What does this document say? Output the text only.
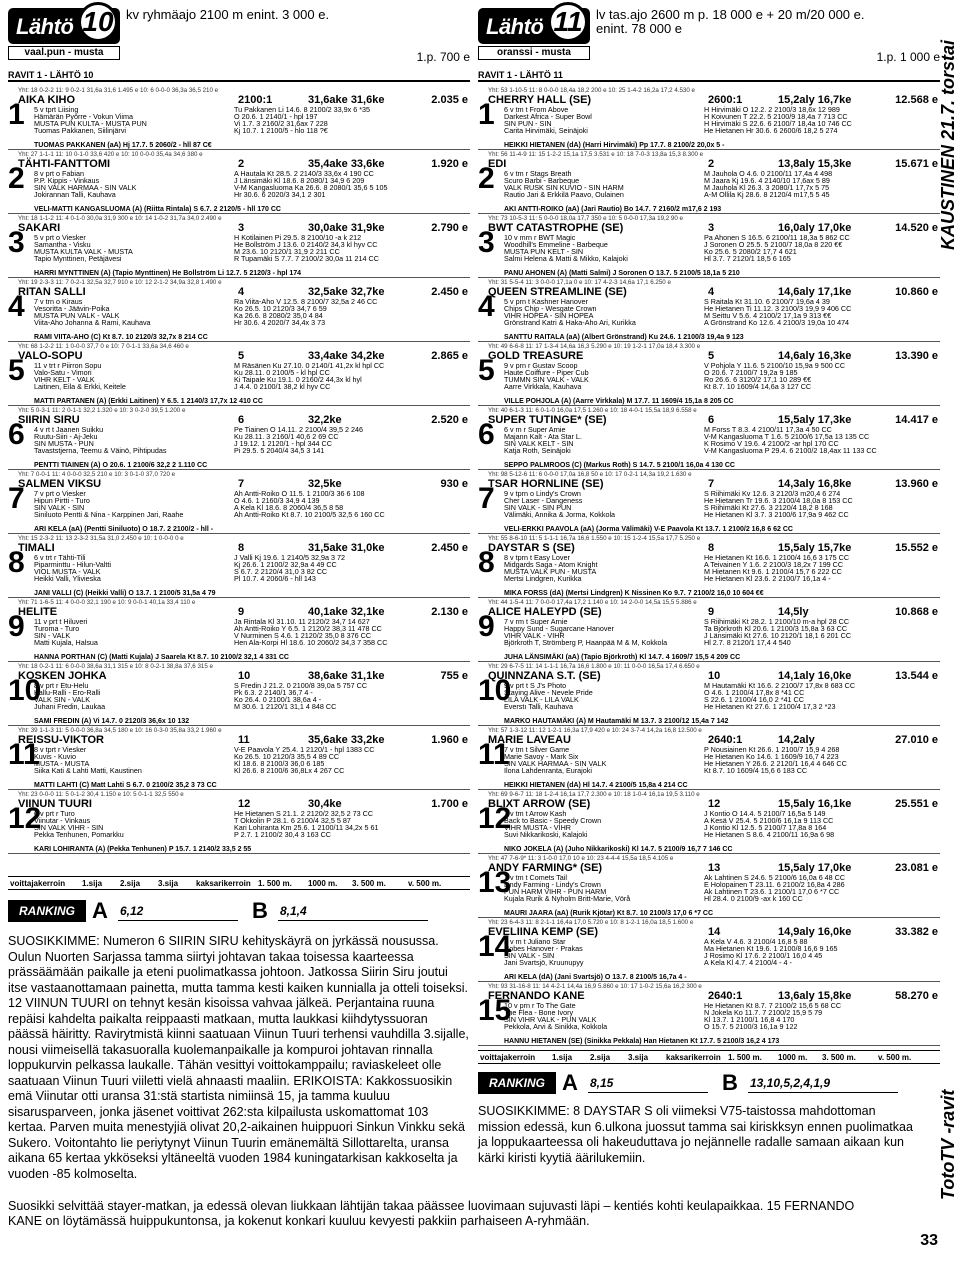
Lähtö 10
vaal.pun - musta
kv ryhmäajo 2100 m enint. 3 000 e.
1.p. 700 e
RAVIT 1 - LÄHTÖ 10
1
Yht: 18 0-2-2 11: 9 0-2-1 31,6a 31,6 1.495 e 10: 6 0-0-0 36,3a 36,5 210 e
AIKA KIHO	2100:1	31,6ake 31,6ke	2.035 e
5 v tprt Liising	Tu Pakkanen Li 14.6. 8 2100/2 33,9x 6 *35
Hämärän Pyörre - Vokun Viima	O 20.6. 1 2140/1 - hpl 197
MUSTA PUN KULTA - MUSTA PUN	Vi 1.7. 3 2160/2 31,6ax 7 228
Tuomas Pakkanen, Siilinjärvi	Kj 10.7. 1 2100/5 - hlo 118 ?€
TUOMAS PAKKANEN (aA) Hj 17.7. 5 2060/2 - hll 87 C€
2
Yht: 27 1-1-1 11: 10 0-1-0 33,6 420 e 10: 10 0-0-0 35,4a 34,6 380 e
TÄHTI-FANTTOMI	2	35,4ake 33,6ke	1.920 e
8 v prt o Fabian	A Hautala Kt 28.5. 2 2140/3 33,6x 4 190 CC
P.P. Kippis - Vinkaus	J Länsimäki Kl 18.6. 8 2080/1 34,9 6 209
SIN VALK HARMAA - SIN VALK	V-M Kangasluoma Ka 26.6. 8 2080/1 35,6 5 105
Jokirannan Talli, Kauhava	Hr 30.6. 6 2020/3 34,1 2 301
VELI-MATTI KANGASLUOMA (A) (Riitta Rintala) S 6.7. 2 2120/5 - hll 170 CC
3
Yht: 18 1-1-2 11: 4 0-1-0 30,0a 31,9 300 e 10: 14 1-0-2 31,7a 34,0 2.490 e
SAKARI	3	30,0ake 31,9ke	2.790 e
5 v prt o Viesker	H Kotilainen Pi 29.5. 8 2100/10 -a k 212
Samantha - Visku	He Bollström J 13.6. 0 2140/2 34,3 kl hyv CC
MUSTA KULTA VALK - MUSTA	M 23.6. 10 2120/1 31,9 2 211 CC
Tapio Mynttinen, Petäjävesi	R Tupamäki S 7.7. 7 2100/2 30,0a 11 214 CC
HARRI MYNTTINEN (A) (Tapio Mynttinen) He Bollström Li 12.7. 5 2120/3 - hpl 174
4
Yht: 19 2-3-3 11: 7 0-2-1 32,5a 32,7 910 e 10: 12 2-1-2 34,9a 32,8 1.490 e
RITAN SALLI	4	32,5ake 32,7ke	2.450 e
7 v trn o Kiraus	Ra Viita-Aho V 12.5. 8 2100/7 32,5a 2 46 CC
Vesoritta - Jäävin-Poika	Ko 26.5. 10 2120/3 34,7 6 59
MUSTA PUN VALK - VALK	Ka 26.6. 8 2080/2 35,0 4 84
Viita-Aho Johanna & Rami, Kauhava	Hr 30.6. 4 2020/7 34,4x 3 73
RAMI VIITA-AHO (C) Kt 8.7. 10 2120/3 32,7x 8 214 CC
5
Yht: 68 1-2-2 11: 1 0-0-0 37,7 0 e 10: 7 0-1-1 33,6a 34,6 460 e
VALO-SOPU	5	33,4ake 34,2ke	2.865 e
11 v trt r Piirron Sopu	M Räsänen Ku 27.10. 0 2140/1 41,2x kl hpl CC
Valo-Satu - Vimori	Ku 28.11. 0 2100/5 - kl hpl CC
VIHR KELT - VALK	Ki Taipale Ku 19.1. 0 2160/2 44,3x kl hyl
Laitinen, Eila & Erkki, Keitele	J 4.4. 0 2100/1 38,2 kl hyv CC
MATTI PARTANEN (A) (Erkki Laitinen) Y 6.5. 1 2140/3 17,7x 12 410 CC
6
Yht: 5 0-3-1 11: 2 0-1-1 32,2 1.320 e 10: 3 0-2-0 39,5 1.200 e
SIIRIN SIRU	6	32,2ke	2.520 e
4 v rt t Jaanen Suikku	Pe Tiainen O 14.11. 2 2100/4 39,5 2 246
Ruutu-Siiri - Aj-Jeku	Ku 28.11. 3 2160/1 40,6 2 69 CC
SIN MUSTA - PUN	J 19.12. 1 2120/1 - hpl 344 CC
Tavaststjerna, Teemu & Väinö, Pihtipudas	Pi 29.5. 5 2040/4 34,5 3 141
PENTTI TIAINEN (A) O 20.6. 1 2100/6 32,2 2 1.110 CC
7
Yht: 7 0-0-1 11: 4 0-0-0 32,5 210 e 10: 3 0-1-0 37,0 720 e
SALMEN VIKSU	7	32,5ke	930 e
7 v prt o Viesker	Ah Antti-Roiko O 11.5. 1 2100/3 36 6 108
Hipun Pirtti - Turo	O 4.6. 1 2160/3 34,9 4 139
SIN VALK - SIN	A Kela Kl 18.6. 8 2060/4 36,5 8 58
Siniluoto Pentti & Nina - Karppinen Jari, Raahe	Ah Antti-Roiko Kt 8.7. 10 2100/5 32,5 6 160 CC
ARI KELA (aA) (Pentti Siniluoto) O 18.7. 2 2100/2 - hll -
8
Yht: 15 2-3-2 11: 13 2-3-2 31,5a 31,0 2.450 e 10: 1 0-0-0 0 e
TIMALI	8	31,5ake 31,0ke	2.450 e
6 v trt r Tähti-Tili	J Valli Kj 19.6. 1 2140/5 32,9a 3 72
Piparminttu - Hilun-Valtti	Kj 26.6. 1 2100/2 32,9a 4 49 CC
VIOL MUSTA - VALK	S 6.7. 2 2120/4 31,0 3 82 CC
Heikki Valli, Ylivieska	Pl 10.7. 4 2060/6 - hll 143
JANI VALLI (C) (Heikki Valli) O 13.7. 1 2100/5 31,5a 4 79
9
Yht: 71 1-6-5 11: 4 0-0-0 32,1 190 e 10: 9 0-0-1 40,1a 33,4 110 e
HELITE	9	40,1ake 32,1ke	2.130 e
11 v prt t Hiluveri	Ja Rintala Kl 31.10. 11 2120/2 34,7 14 627
Turoma - Turo	Ah Antti-Roiko Y 6.5. 1 2120/2 38,3 11 478 CC
SIN - VALK	V Nurminen S 4.6. 1 2120/2 35,0 8 376 CC
Matti Kujala, Halsua	Hen Ala-Korpi Hl 18.6. 10 2060/2 34,3 7 358 CC
HANNA PORTHAN (C) (Matti Kujala) J Saarela Kt 8.7. 10 2100/2 32,1 4 331 CC
10
Yht: 18 0-2-1 11: 6 0-0-0 38,6a 31,1 315 e 10: 8 0-2-1 38,8a 37,6 315 e
KOSKEN JOHKA	10	38,6ake 31,1ke	755 e
8 v prt r Etu-Helu	S Fredin J 21.2. 0 2100/8 39,0a 5 757 CC
Kallu-Ralli - Ero-Ralli	Pk 6.3. 2 2140/1 36,7 4 -
VALK SIN - VALK	Ko 26.4. 0 2100/1 38,6a 4 -
Juhani Fredin, Laukaa	M 30.6. 1 2120/1 31,1 4 848 CC
SAMI FREDIN (A) Vi 14.7. 0 2120/3 36,6x 10 132
11
Yht: 39 1-1-3 11: 5 0-0-0 36,8a 34,5 180 e 10: 16 0-3-0 35,8a 33,2 1.960 e
REISSU-VIKTOR	11	35,6ake 33,2ke	1.960 e
8 v tprt r Viesker	V-E Paavola Y 25.4. 1 2120/1 - hpl 1383 CC
Kuvis - Kuvio	Ko 26.5. 10 2120/3 35,5 4 89 CC
MUSTA - MUSTA	Kl 18.6. 8 2100/3 36,0 6 185
Siika Kati & Lahti Matti, Kaustinen	Kl 26.6. 8 2100/6 36,8Lx 4 267 CC
MATTI LAHTI (C) Matt Lahti S 6.7. 0 2100/2 35,2 3 73 CC
12
Yht: 23 0-0-0 11: 5 0-1-2 30,4 1.150 e 10: 5 0-1-1 32,5 550 e
VIINUN TUURI	12	30,4ke	1.700 e
6 v prt r Turo	He Hietanen S 21.1. 2 2120/2 32,5 2 73 CC
Viinutar - Vinkaus	T Okkolin P 28.1. 6 2100/4 32,5 5 87
SIN VALK VIHR - SIN	Kari Lohiranta Km 25.6. 1 2100/11 34,2x 5 61
Pekka Tenhunen, Pomarkku	P 2.7. 1 2100/2 30,4 3 163 CC
KARI LOHIRANTA (A) (Pekka Tenhunen) P 15.7. 1 2140/2 33,5 2 55
voittajakerroin 1.sija 2.sija 3.sija kaksarikerroin 1. 500 m. 1000 m. 3. 500 m.	v. 500 m.
RANKING A 6,12	B 8,1,4
SUOSIKKIMME: Numeron 6 SIIRIN SIRU kehityskäyrä on jyrkässä nousussa. Oulun Nuorten Sarjassa tamma siirtyi johtavan takaa toisessa kaarteessa prässäämään paikalle ja eteni puolimatkassa johtoon. Jatkossa Siirin Siru joutui itse vastaanottamaan painetta, mutta tamma kesti kaiken kunnialla ja otteli toiseksi. 12 VIINUN TUURI on tehnyt kesän kisoissa vahvaa jälkeä. Perjantaina ruuna repäisi kahdelta paikalta reippaasti matkaan, mutta laukkasi kiihdytyssuoran päässä häiritty. Ravirytmistä kiinni saatuaan Viinun Tuuri terhensi vauhdilla 3.sijalle, nousi viimeisellä takasuoralla kuolemanpaikalle ja kompuroi johtavan rinnalla loppukurvin pelkassa laukalle. Tähän vesittyi voittokamppailu; raviaskeleet olle saatuaan Viinun Tuuri viiletti vielä ahnaasti maaliin. ERIKOISTA: Kakkossuosikin emä Viinutar otti uransa 31:stä startista nimiinsä 15, ja tamma kuuluu sisarusparveen, jonka jäsenet voittivat 262:sta kilpailusta uskomattomat 103 kertaa. Parven muita menestyjiä olivat 20,2-aikainen huippuori Sinkun Vinkku sekä Sukero. Voitontahto lie periytynyt Viinun Tuurin emänemältä Sillottarelta, uransa aikana 65 kertaa ykköseksi yltäneeltä vuoden 1984 kuningatarkisan kakkoselta ja vuoden -85 kolmoselta.
Lähtö 11
oranssi - musta
lv tas.ajo 2600 m p. 18 000 e + 20 m/20 000 e. enint. 78 000 e
1.p. 1 000 e
RAVIT 1 - LÄHTÖ 11
1
Yht: 53 1-10-5 11: 8 0-0-0 18,4a 18,2 200 e 10: 25 1-4-2 16,2a 17,2 4.530 e
CHERRY HALL (SE)	2600:1	15,2aly 16,7ke	12.568 e
6 v tm t From Above	H Hirvimäki O 12.2. 2 2100/3 18,6x 12 989
Darkest Africa - Super Bowl	H Koivunen T 22.2. 5 2100/9 18,4a 7 713 CC
SIN PUN - SIN	H Hirvimäki S 22.6. 6 2100/7 18,4a 10 746 CC
Carita Hirvimäki, Seinäjoki	He Hietanen Hr 30.6. 6 2600/6 18,2 5 274
HEIKKI HIETANEN (dA) (Harri Hirvimäki) Pp 17.7. 8 2100/2 20,0x 5 -
2
Yht: 56 11-4-9 11: 15 1-2-2 15,1a 17,5 3.531 e 10: 18 7-0-3 13,8a 15,3 8.300 e
EDI	2	13,8aly 15,3ke	15.671 e
6 v tm r Stags Breath	M Jauhola O 4.6. 0 2100/11 17,4a 4 498
Scuro Barbi - Barbeque	M Jaara Kj 19.6. 4 2140/10 17,6ax 5 89
VALK RUSK SIN KUVIO - SIN HARM	M Jauhola Kl 26.3. 3 2080/1 17,7x 5 75
Rautio Jari & Erkkilä Paavo, Oulainen	A-M Ollila Kj 28.6. 8 2120/4 m17,5 5 45
AKI ANTTI-ROIKO (aA) (Jari Rautio) Bo 14.7. 7 2160/2 m17,6 2 193
3
Yht: 73 10-5-3 11: 5 0-0-0 18,0a 17,7 350 e 10: 5 0-0-0 17,3a 19,2 90 e
BWT CATASTROPHE (SE)	3	16,0aly 17,0ke	14.520 e
10 v mrn r BWT Magic	Pa Ahonen S 16.5. 6 2100/11 18,3a 5 862 CC
Woodhill's Emmeline - Barbeque	J Soronen O 25.5. 5 2100/7 18,0a 8 220 €€
MUSTA PUN KELT - SIN	Ko 25.6. 5 2080/2 17,7 4 621
Salmi Helena & Matti & Mikko, Kalajoki	Hl 3.7. 7 2120/1 18,5 6 165
PANU AHONEN (A) (Matti Salmi) J Soronen O 13.7. 5 2100/5 18,1a 5 210
4
Yht: 31 5-5-4 11: 3 0-0-0 17,1a 0 e 10: 17 4-2-3 14,6a 17,1 6.250 e
QUEEN STREAMLINE (SE)	4	14,6aly 17,1ke	10.860 e
5 v prn t Kashner Hanover	S Raitala Kt 31.10. 6 2100/7 19,6a 4 39
Chips Chip - Wesgate Crown	He Hietanen Ti 11.12. 3 2100/3 19,9 9 406 CC
VIHR HOPEA - SIN HOPEA	M Seittu V 5.6. 4 2100/2 17,1a 9 313 €€
Grönstrand Katri & Haka-Aho Ari, Kurikka	A Grönstrand Ko 12.6. 4 2100/3 19,0a 10 474
SANTTU RAITALA (aA) (Albert Grönstrand) Ku 24.6. 1 2100/3 19,4a 9 123
5
Yht: 49 6-6-8 11: 17 1-3-4 14,6a 16,3 5.290 e 10: 19 1-2-1 17,0a 18,4 3.300 e
GOLD TREASURE	5	14,6aly 16,3ke	13.390 e
9 v prn r Gustav Scoop	V Pohjola Y 11.6. 5 2100/10 15,9a 9 500 CC
Haute Coiffure - Piper Cub	O 20.6. 7 2100/7 19,2a 9 185
TUMMN SIN VALK - VALK	Ro 26.6. 6 3120/2 17,1 10 289 €€
Aarre Virkkala, Kauhava	Kt 8.7. 10 1609/4 14,6a 3 127 CC
VILLE POHJOLA (A) (Aarre Virkkala) M 17.7. 11 1609/4 15,1a 8 205 CC
6
Yht: 40 6-1-3 11: 6 0-1-0 16,0a 17,5 1.260 e 10: 18 4-0-1 15,5a 18,9 6.558 e
SUPER TUTINGE* (SE)	6	15,5aly 17,3ke	14.417 e
6 v m r Super Arnie	M Forss T 8.3. 4 2100/11 17,3a 4 50 CC
Majann Kalt - Ata Star L.	V-M Kangasluoma T 1.6. 5 2100/6 17,5a 13 135 CC
SIN VALK KELT - SIN	K Rosimo V 19.6. 4 2100/2 -ar hpl 170 CC
Katja Roth, Seinäjoki	V-M Kangasluoma P 29.4. 6 2100/2 18,4ax 11 133 CC
SEPPO PALMROOS (C) (Markus Roth) S 14.7. 5 2100/1 16,0a 4 130 CC
7
Yht: 98 5-12-6 11: 6 0-0-0 17,0a 16,8 50 e 10: 17 0-2-1 14,3a 19,2 1.630 e
TSAR HORNLINE (SE)	7	14,3aly 16,8ke	13.960 e
9 v tprn o Lindy's Crown	S Riihimäki Kv 12.6. 3 2120/3 m20,4 6 274
Cher Laser - Dangeness	He Hietanen Tr 19.6. 3 2100/4 18,0a 8 153 CC
SIN VALK - SIN PUN	S Riihimäki Kt 27.6. 3 2120/4 18,2 8 168
Välimäki, Annika & Jorma, Kokkola	He Hietanen Kl 3.7. 3 2100/6 17,9a 9 462 CC
VELI-ERKKI PAAVOLA (aA) (Jorma Välimäki) V-E Paavola Kt 13.7. 1 2100/2 16,8 6 62 CC
8
Yht: 55 8-6-10 11: 5 1-1-1 16,7a 16,6 1.550 e 10: 15 1-2-4 15,5a 17,7 5.250 e
DAYSTAR S (SE)	8	15,5aly 15,7ke	15.552 e
8 v tprn t Easy Lover	He Hietanen Kt 16.6. 1 2100/4 16,6 3 175 CC
Midgards Saga - Atom Knight	A Teivainen Y 1.6. 2 2100/3 18,2x 7 199 CC
MUSTA VALK PUN - MUSTA	M Hietanen Kt 9.6. 1 2100/4 15,7 6 222 CC
Mertsi Lindgren, Kurikka	He Hietanen Kl 23.6. 2 2100/7 16,1a 4 -
MIKA FORSS (dA) (Mertsi Lindgren) K Nissinen Ko 9.7. 7 2100/2 16,0 10 604 €€
9
Yht: 44 1-5-4 11: 7 0-0-0 17,4a 17,2 1.140 e 10: 14 2-0-0 14,5a 15,5 5.886 e
ALICE HALEYPD (SE)	9	14,5ly	10.868 e
7 v rm t Super Arnie	S Riihimäki Kt 28.2. 1 2100/10 m-a hpl 28 CC
Happy Sund - Sugarcane Hanover	Ta Björkroth Kl 20.6. 1 2100/3 15,8a 3 63 CC
VIHR VALK - VIHR	J Länsimäki Kt 27.6. 10 2120/1 18,1 6 201 CC
Björkroth T, Strömberg P, Haanpää M & M, Kokkola	Hl 2.7. 8 2120/1 17,4 4 540
JUHA LÄNSIMÄKI (aA) (Tapio Björkroth) Kl 14.7. 4 1609/7 15,5 4 209 CC
10
Yht: 29 6-7-5 11: 14 1-1-1 16,7a 16,6 1.800 e 10: 11 0-0-0 16,5a 17,4 6.650 e
QUINNZANA S.T. (SE)	10	14,1aly 16,0ke	13.544 e
9 v prt t S J's Photo	M Hautamäki Kt 16.6. 2 2100/7 17,8x 8 683 CC
Staying Alive - Nevele Pride	O 4.6. 1 2100/4 17,8x 8 *41 CC
LILA VALK - LILA VALK	S 22.6. 1 2100/4 16,0 2 *41 CC
Everstı Talli, Kauhava	He Hietanen Kt 27.6. 1 2100/4 17,3 2 *23
MARKO HAUTAMÄKI (A) M Hautamäki M 13.7. 3 2100/12 15,4a 7 142
11
Yht: 57 1-3-12 11: 12 1-2-1 16,3a 17,9 420 e 10: 24 3-7-4 14,2a 16,8 12.500 e
MARIE LAVEAU	2640:1	14,2aly	27.010 e
7 v tm t Silver Game	P Nousiainen Kt 26.6. 1 2100/7 15,9 4 268
Marie Savoy - Mark Six	He Hietanen Ko 14.6. 1 1609/9 16,7 4 223
SIN VALK HARMAA - SIN VALK	He Hietanen Y 26.6. 2 2120/1 16,4 4 646 CC
Ilona Lahdenranta, Eurajoki	Kt 8.7. 10 1609/4 15,6 6 183 CC
HEIKKI HIETANEN (dA) Hl 14.7. 4 2100/5 15,8a 4 214 CC
12
Yht: 69 9-6-7 11: 18 1-2-4 16,1a 17,7 2.300 e 10: 18 1-0-4 16,1a 19,5 3.110 e
BLIXT ARROW (SE)	12	15,5aly 16,1ke	25.551 e
7 v tm t Arrow Kash	J Kontio O 14.4. 5 2100/7 16,5a 5 149
Back to Basic - Speedy Crown	A Kesä V 25.4. 5 2100/6 16,1a 9 113 CC
VIHR MUSTA - VIHR	J Kontio Kl 12.5. 5 2100/7 17,8a 8 164
Suvi Nikkarikoski, Kalajoki	He Hietanen S 8.6. 4 2100/11 16,9a 6 98
NIKO JOKELA (A) (Juho Nikkarikoski) Kl 14.7. 5 2100/9 16,7 7 146 CC
13
Yht: 47 7-6-9* 11: 3 1-0-0 17,0 10 e 10: 23 4-4-4 15,5a 18,5 4.105 e
ANDY FARMING* (SE)	13	15,5aly 17,0ke	23.081 e
7 v tm t Comets Tail	Ak Lahtinen S 24.6. 5 2100/6 16,0a 6 48 CC
Lindy Farming - Lindy's Crown	E Holopainen T 23.11. 6 2100/2 16,8a 4 286
PUN HARM VIHR - PUN HARM	Ak Lahtinen T 23.6. 1 2100/1 17,0 6 *7 CC
Kujala Rurik & Nyholm Britt-Marie, Vörå	Hl 28.4. 0 2100/9 -ax k 160 CC
MAURI JAARA (aA) (Rurik Kjötar) Kt 8.7. 10 2100/3 17,0 6 *7 CC
14
Yht: 23 6-4-3 11: 8 2-1-1 16,4a 17,0 5.720 e 10: 8 1-2-1 16,0a 18,5 1.600 e
EVELIINA KEMP (SE)	14	14,9aly 16,0ke	33.382 e
8 v m t Juliano Star	A Kela V 4.6. 3 2100/4 16,8 5 88
Nobes Hanover - Prakas	Ma Hietanen Kt 19.6. 1 2100/8 16,6 9 165
SIN VALK - SIN	J Rosimo Kl 17.6. 2 2100/1 16,0 4 45
Jani Svartsjö, Kruunupyy	A Kela Kl 4.7. 4 2100/4 - 4 -
ARI KELA (dA) (Jani Svartsjö) O 13.7. 8 2100/5 16,7a 4 -
15
Yht: 93 31-16-8 11: 14 4-2-1 14,4a 16,9 5.860 e 10: 17 1-0-2 15,6a 16,2 300 e
FERNANDO KANE	2640:1	13,6aly 15,8ke	58.270 e
10 v prn r To The Gate	He Hietanen Kt 8.7. 7 2100/2 15,6 5 68 CC
The Flea - Bone Ivory	N Jokela Ko 11.7. 7 2100/2 15,9 5 79
SIN VIHR VALK - PUN VALK	Kl 13.7. 1 2100/1 16,8 4 170
Pekkola, Arvi & Sinikka, Kokkola	O 15.7. 5 2100/3 16,1a 9 122
HANNU HIETANEN (SE) (Sinikka Pekkala) Han Hietanen Kt 17.7. 5 2100/3 16,2 4 173
voittajakerroin 1.sija 2.sija 3.sija kaksarikerroin 1. 500 m. 1000 m. 3. 500 m.	v. 500 m.
RANKING A 8,15	B 13,10,5,2,4,1,9
SUOSIKKIMME: 8 DAYSTAR S oli viimeksi V75-taistossa mahdottoman mission edessä, kun 6.ulkona juossut tamma sai kiriskksyn ennen puolimatkaa ja loppukaarteessa oli hakeuduttava jo nejännelle radalle samaan aikaan kun kärki kiristi kyytiä äärilukemiin.
Suosikki selvittää stayer-matkan, ja edessä olevan liukkaan lähtijän takaa päässee luovimaan sujuvasti läpi – kentiés kohti keulapaikkaa. 15 FERNANDO KANE on löytämässä huippukuntonsa, ja kokenut konkari kuuluu kevyesti pakkiin parhaiseen A-ryhmään.
KAUSTINEN 21.7. torstai
TotoTV -ravit
33
